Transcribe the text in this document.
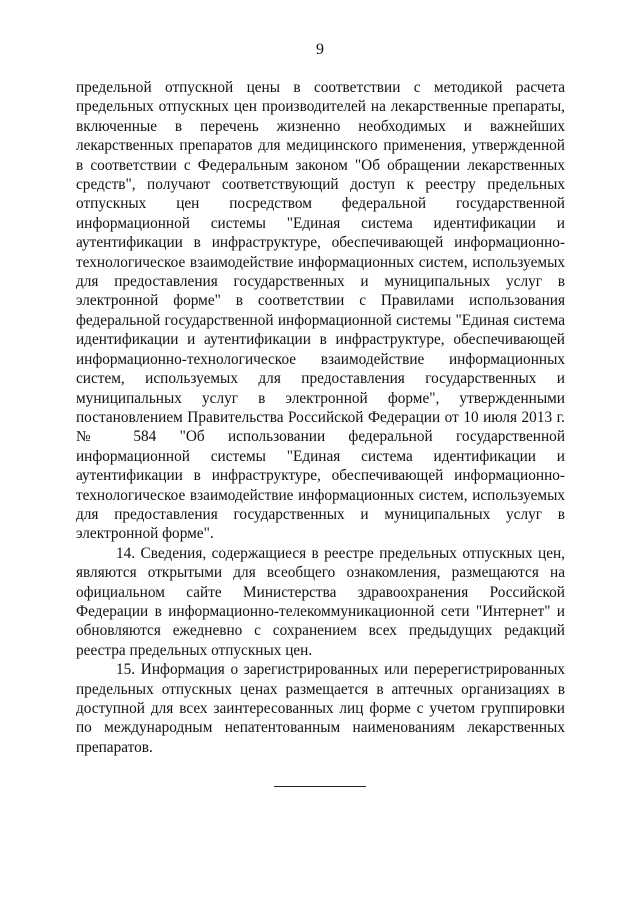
9

предельной отпускной цены в соответствии с методикой расчета предельных отпускных цен производителей на лекарственные препараты, включенные в перечень жизненно необходимых и важнейших лекарственных препаратов для медицинского применения, утвержденной в соответствии с Федеральным законом "Об обращении лекарственных средств", получают соответствующий доступ к реестру предельных отпускных цен посредством федеральной государственной информационной системы "Единая система идентификации и аутентификации в инфраструктуре, обеспечивающей информационно-технологическое взаимодействие информационных систем, используемых для предоставления государственных и муниципальных услуг в электронной форме" в соответствии с Правилами использования федеральной государственной информационной системы "Единая система идентификации и аутентификации в инфраструктуре, обеспечивающей информационно-технологическое взаимодействие информационных систем, используемых для предоставления государственных и муниципальных услуг в электронной форме", утвержденными постановлением Правительства Российской Федерации от 10 июля 2013 г. № 584 "Об использовании федеральной государственной информационной системы "Единая система идентификации и аутентификации в инфраструктуре, обеспечивающей информационно-технологическое взаимодействие информационных систем, используемых для предоставления государственных и муниципальных услуг в электронной форме".

14. Сведения, содержащиеся в реестре предельных отпускных цен, являются открытыми для всеобщего ознакомления, размещаются на официальном сайте Министерства здравоохранения Российской Федерации в информационно-телекоммуникационной сети "Интернет" и обновляются ежедневно с сохранением всех предыдущих редакций реестра предельных отпускных цен.

15. Информация о зарегистрированных или перерегистрированных предельных отпускных ценах размещается в аптечных организациях в доступной для всех заинтересованных лиц форме с учетом группировки по международным непатентованным наименованиям лекарственных препаратов.
